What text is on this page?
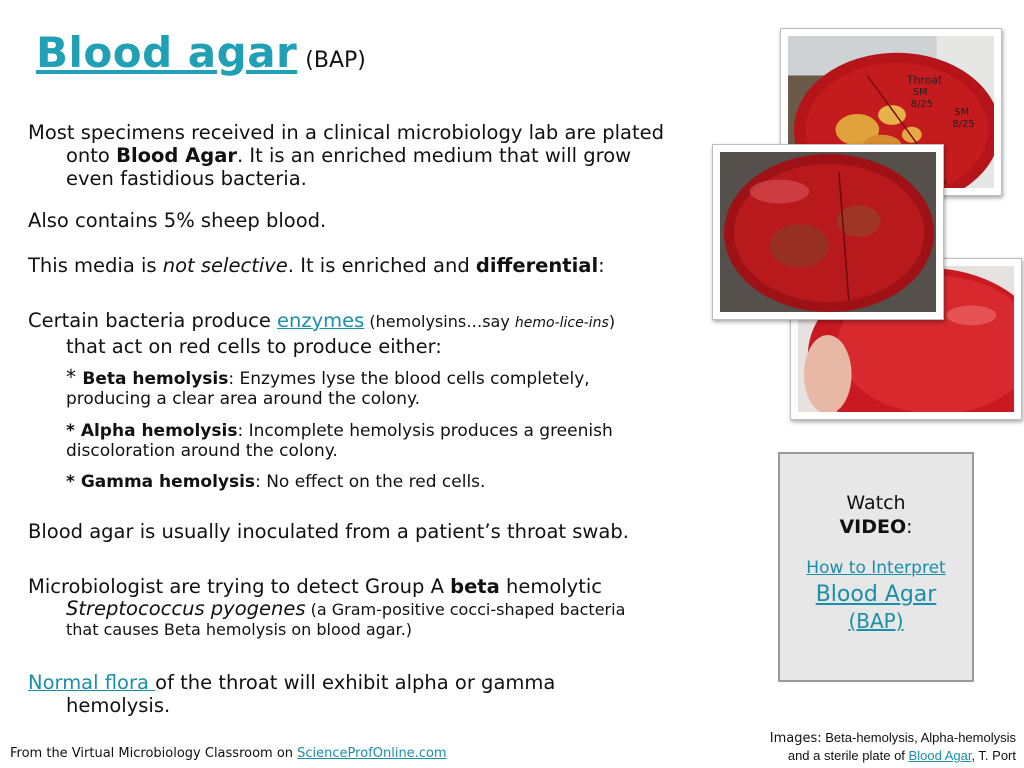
Blood agar (BAP)
Most specimens received in a clinical microbiology lab are plated
onto Blood Agar. It is an enriched medium that will grow
even fastidious bacteria.
Also contains 5% sheep blood.
This media is not selective. It is enriched and differential:
Certain bacteria produce enzymes (hemolysins…say hemo-lice-ins)
that act on red cells to produce either:
* Beta hemolysis: Enzymes lyse the blood cells completely,
producing a clear area around the colony.
* Alpha hemolysis: Incomplete hemolysis produces a greenish
discoloration around the colony.
* Gamma hemolysis: No effect on the red cells.
Blood agar is usually inoculated from a patient’s throat swab.
Microbiologist are trying to detect Group A beta hemolytic
Streptococcus pyogenes (a Gram-positive cocci-shaped bacteria
that causes Beta hemolysis on blood agar.)
Normal flora of the throat will exhibit alpha or gamma
hemolysis.
Throat
SM
8/25
SM
8/25
Watch
VIDEO:
How to Interpret
Blood Agar
(BAP)
From the Virtual Microbiology Classroom on ScienceProfOnline.com
Images: Beta-hemolysis, Alpha-hemolysis
and a sterile plate of Blood Agar, T. Port
